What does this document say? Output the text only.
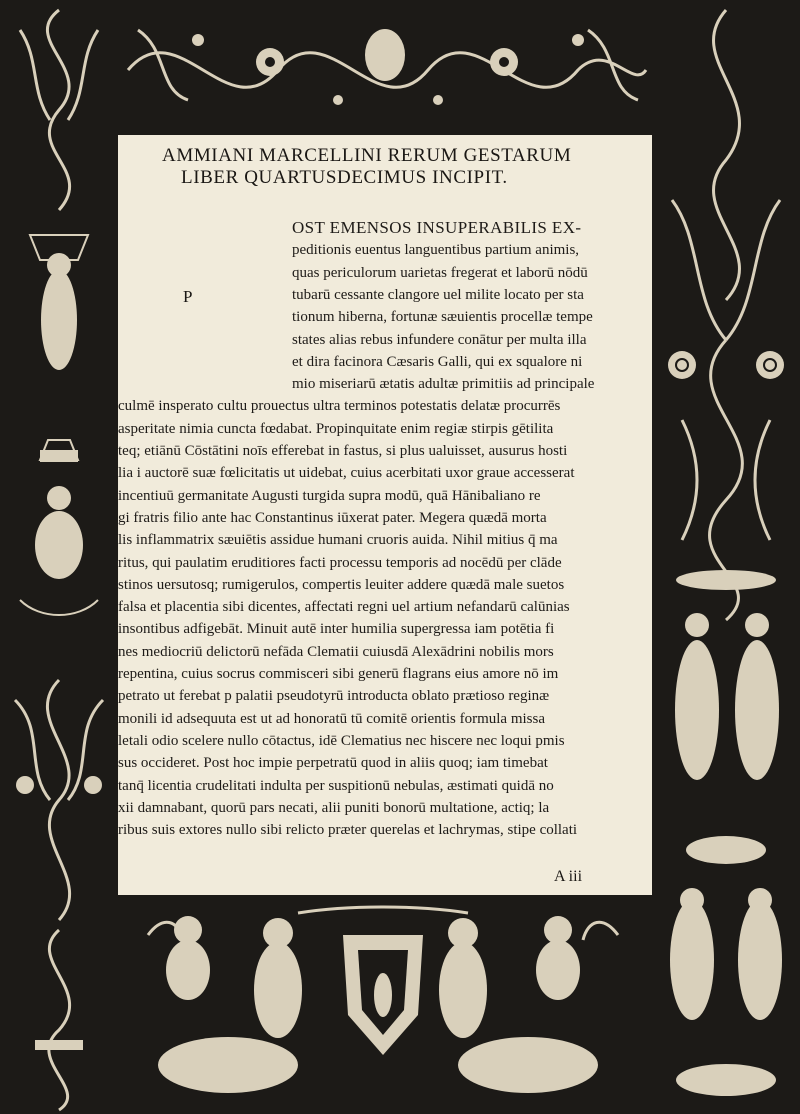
AMMIANI MARCELLINI RERUM GESTARUM
LIBER QUARTUSDECIMUS INCIPIT.
P
OST EMENSOS INSUPERABILIS EX-
peditionis euentus languentibus partium animis,
quas periculorum uarietas fregerat et laborū nōdū
tubarū cessante clangore uel milite locato per sta
tionum hiberna, fortunæ sæuientis procellæ tempe
states alias rebus infundere conātur per multa illa
et dira facinora Cæsaris Galli, qui ex squalore ni
mio miseriarū ætatis adultæ primitiis ad principale
culmē insperato cultu prouectus ultra terminos potestatis delatæ procurrēs
asperitate nimia cuncta fœdabat. Propinquitate enim regiæ stirpis gētilita
teq; etiānū Cōstātini noīs efferebat in fastus, si plus ualuisset, ausurus hosti
lia i auctorē suæ fœlicitatis ut uidebat, cuius acerbitati uxor graue accesserat
incentiuū germanitate Augusti turgida supra modū, quā Hānibaliano re
gi fratris filio ante hac Constantinus iūxerat pater. Megera quædā morta
lis inflammatrix sæuiētis assidue humani cruoris auida. Nihil mitius q̄ ma
ritus, qui paulatim eruditiores facti processu temporis ad nocēdū per clāde
stinos uersutosq; rumigerulos, compertis leuiter addere quædā male suetos
falsa et placentia sibi dicentes, affectati regni uel artium nefandarū calūnias
insontibus adfigebāt. Minuit autē inter humilia supergressa iam potētia fi
nes mediocriū delictorū nefāda Clematii cuiusdā Alexādrini nobilis mors
repentina, cuius socrus commisceri sibi generū flagrans eius amore nō im
petrato ut ferebat p palatii pseudotyrū introducta oblato prætioso reginæ
monili id adsequuta est ut ad honoratū tū comitē orientis formula missa
letali odio scelere nullo cōtactus, idē Clematius nec hiscere nec loqui pmis
sus occideret. Post hoc impie perpetratū quod in aliis quoq; iam timebat
tanq̄ licentia crudelitati indulta per suspitionū nebulas, æstimati quidā no
xii damnabant, quorū pars necati, alii puniti bonorū multatione, actiq; la
ribus suis extores nullo sibi relicto præter querelas et lachrymas, stipe collati
A iii
